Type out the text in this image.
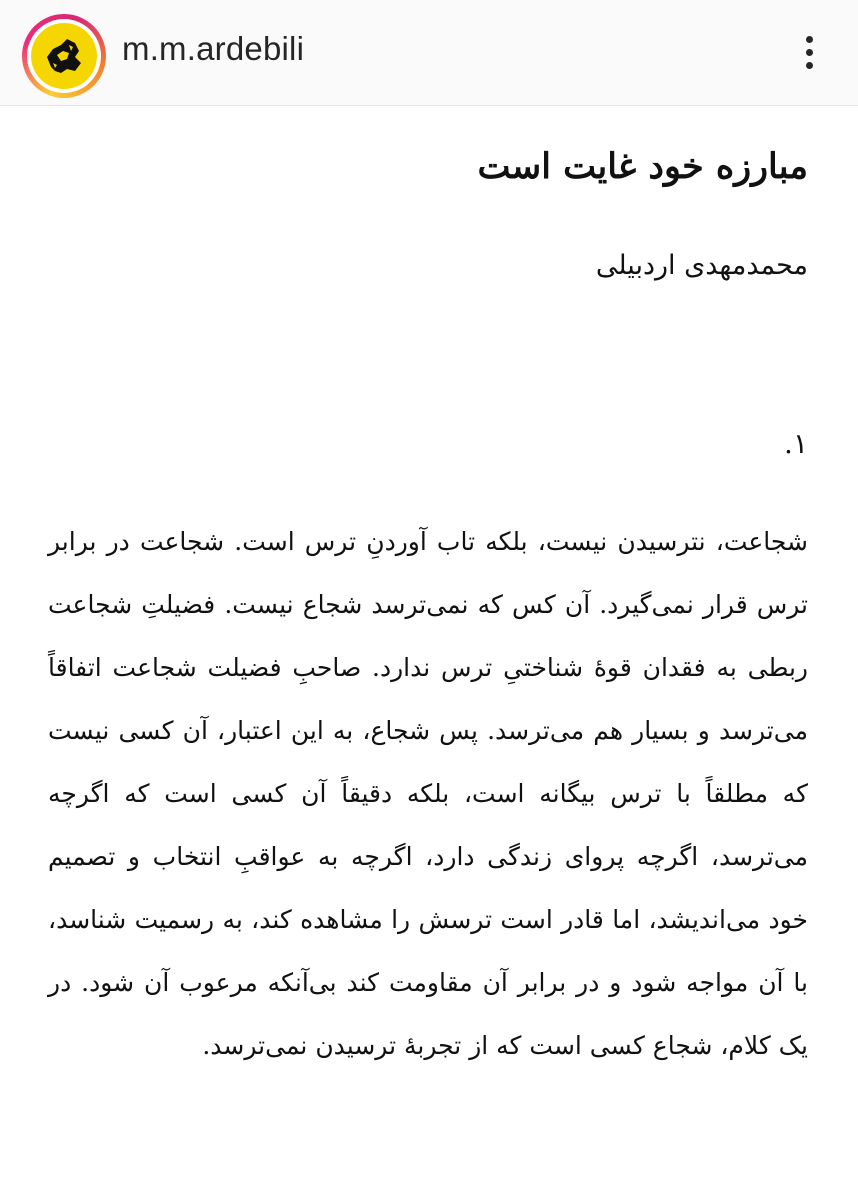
m.m.ardebili
مبارزه خود غایت است
محمدمهدی اردبیلی
۱.

شجاعت، نترسیدن نیست، بلکه تاب آوردنِ ترس است. شجاعت در برابر ترس قرار نمی‌گیرد. آن کس که نمی‌ترسد شجاع نیست. فضیلتِ شجاعت ربطی به فقدان قوهٔ شناختیِ ترس ندارد. صاحبِ فضیلت شجاعت اتفاقاً می‌ترسد و بسیار هم می‌ترسد. پس شجاع، به این اعتبار، آن کسی نیست که مطلقاً با ترس بیگانه است، بلکه دقیقاً آن کسی است که اگرچه می‌ترسد، اگرچه پروای زندگی دارد، اگرچه به عواقبِ انتخاب و تصمیم خود می‌اندیشد، اما قادر است ترسش را مشاهده کند، به رسمیت شناسد، با آن مواجه شود و در برابر آن مقاومت کند بی‌آنکه مرعوب آن شود. در یک کلام، شجاع کسی است که از تجربهٔ ترسیدن نمی‌ترسد.
